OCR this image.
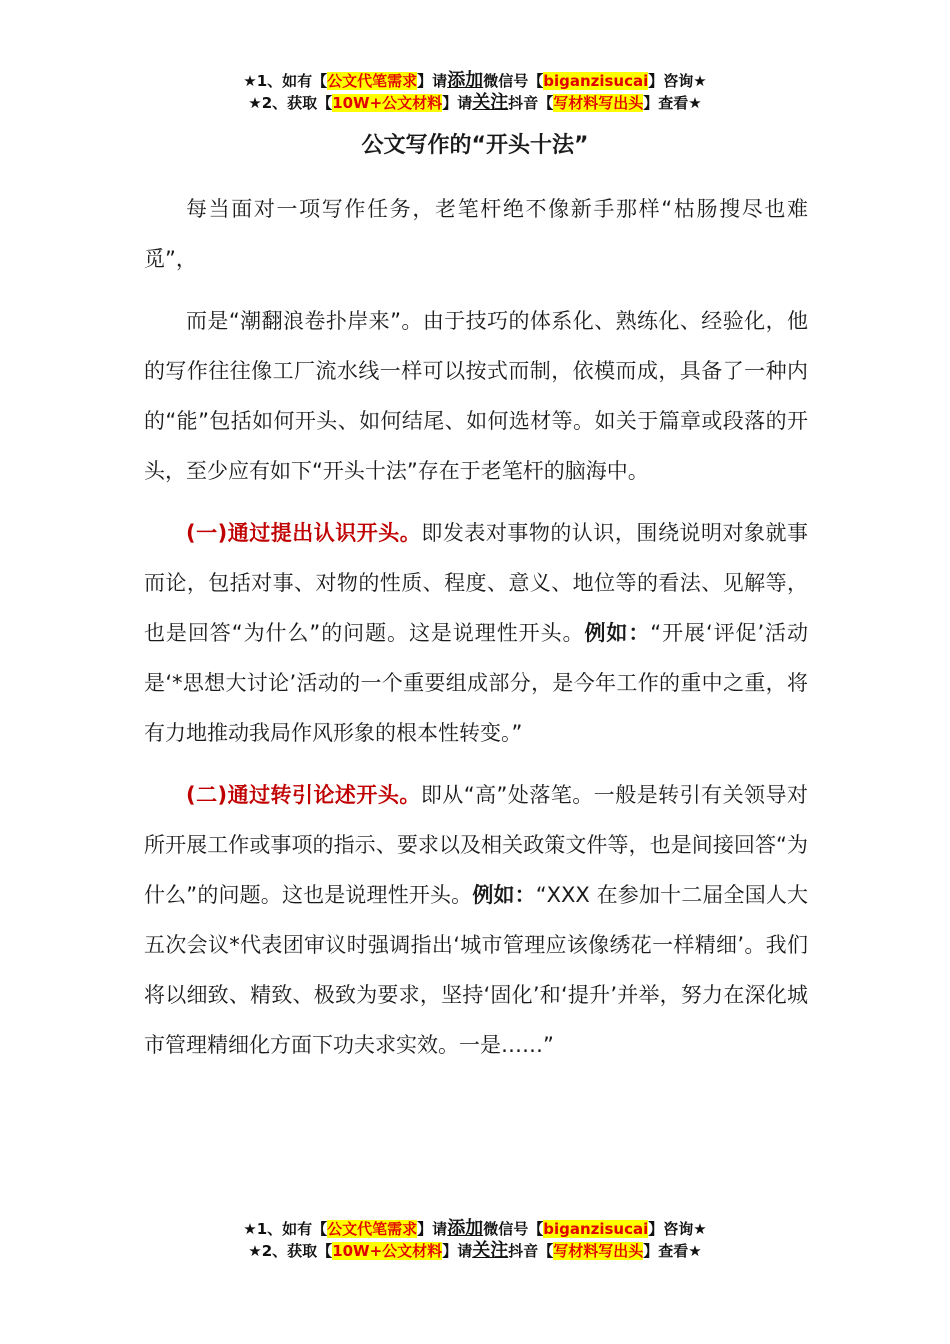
★1、如有【公文代笔需求】请添加微信号【biganzisucai】咨询★
★2、获取【10W+公文材料】请关注抖音【写材料写出头】查看★
公文写作的“开头十法”

每当面对一项写作任务，老笔杆绝不像新手那样“枯肠搜尽也难觅”，

而是“潮翻浪卷扑岸来”。由于技巧的体系化、熟练化、经验化，他的写作往往像工厂流水线一样可以按式而制，依模而成，具备了一种内的“能”包括如何开头、如何结尾、如何选材等。如关于篇章或段落的开头，至少应有如下“开头十法”存在于老笔杆的脑海中。

(一)通过提出认识开头。即发表对事物的认识，围绕说明对象就事而论，包括对事、对物的性质、程度、意义、地位等的看法、见解等，也是回答“为什么”的问题。这是说理性开头。例如：“开展‘评促’活动是‘*思想大讨论’活动的一个重要组成部分，是今年工作的重中之重，将有力地推动我局作风形象的根本性转变。”

(二)通过转引论述开头。即从“高”处落笔。一般是转引有关领导对所开展工作或事项的指示、要求以及相关政策文件等，也是间接回答“为什么”的问题。这也是说理性开头。例如：“XXX 在参加十二届全国人大五次会议*代表团审议时强调指出‘城市管理应该像绣花一样精细’。我们将以细致、精致、极致为要求，坚持‘固化’和‘提升’并举，努力在深化城市管理精细化方面下功夫求实效。一是……”

★1、如有【公文代笔需求】请添加微信号【biganzisucai】咨询★
★2、获取【10W+公文材料】请关注抖音【写材料写出头】查看★
